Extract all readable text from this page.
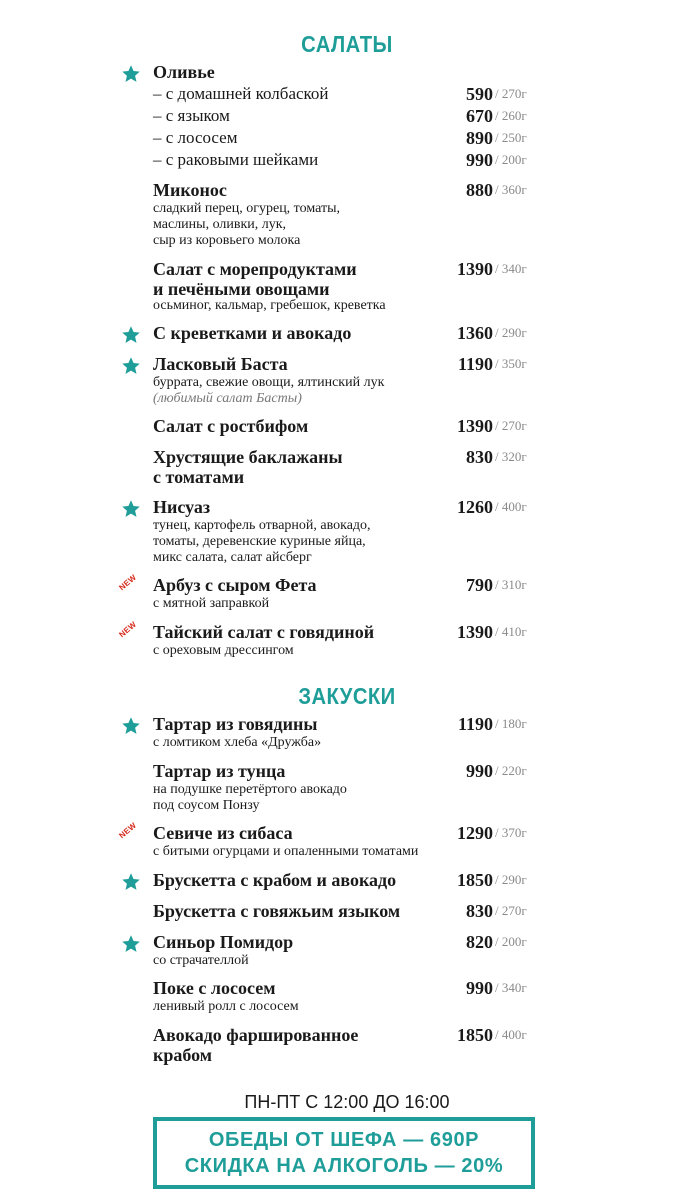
САЛАТЫ
Оливье
– с домашней колбаской	590 / 270г
– с языком	670 / 260г
– с лососем	890 / 250г
– с раковыми шейками	990 / 200г
Миконос	880 / 360г
сладкий перец, огурец, томаты,
маслины, оливки, лук,
сыр из коровьего молока
Салат с морепродуктами	1390 / 340г
и печёными овощами
осьминог, кальмар, гребешок, креветка
С креветками и авокадо	1360 / 290г
Ласковый Баста	1190 / 350г
буррата, свежие овощи, ялтинский лук
(любимый салат Басты)
Салат с ростбифом	1390 / 270г
Хрустящие баклажаны	830 / 320г
с томатами
Нисуаз	1260 / 400г
тунец, картофель отварной, авокадо,
томаты, деревенские куриные яйца,
микс салата, салат айсберг
NEW Арбуз с сыром Фета	790 / 310г
с мятной заправкой
NEW Тайский салат с говядиной	1390 / 410г
с ореховым дрессингом
ЗАКУСКИ
Тартар из говядины	1190 / 180г
с ломтиком хлеба «Дружба»
Тартар из тунца	990 / 220г
на подушке перетёртого авокадо
под соусом Понзу
NEW Севиче из сибаса	1290 / 370г
с битыми огурцами и опаленными томатами
Брускетта с крабом и авокадо	1850 / 290г
Брускетта с говяжьим языком	830 / 270г
Синьор Помидор	820 / 200г
со страчателлой
Поке с лососем	990 / 340г
ленивый ролл с лососем
Авокадо фаршированное	1850 / 400г
крабом
ПН-ПТ С 12:00 ДО 16:00
ОБЕДЫ ОТ ШЕФА — 690Р
СКИДКА НА АЛКОГОЛЬ — 20%
